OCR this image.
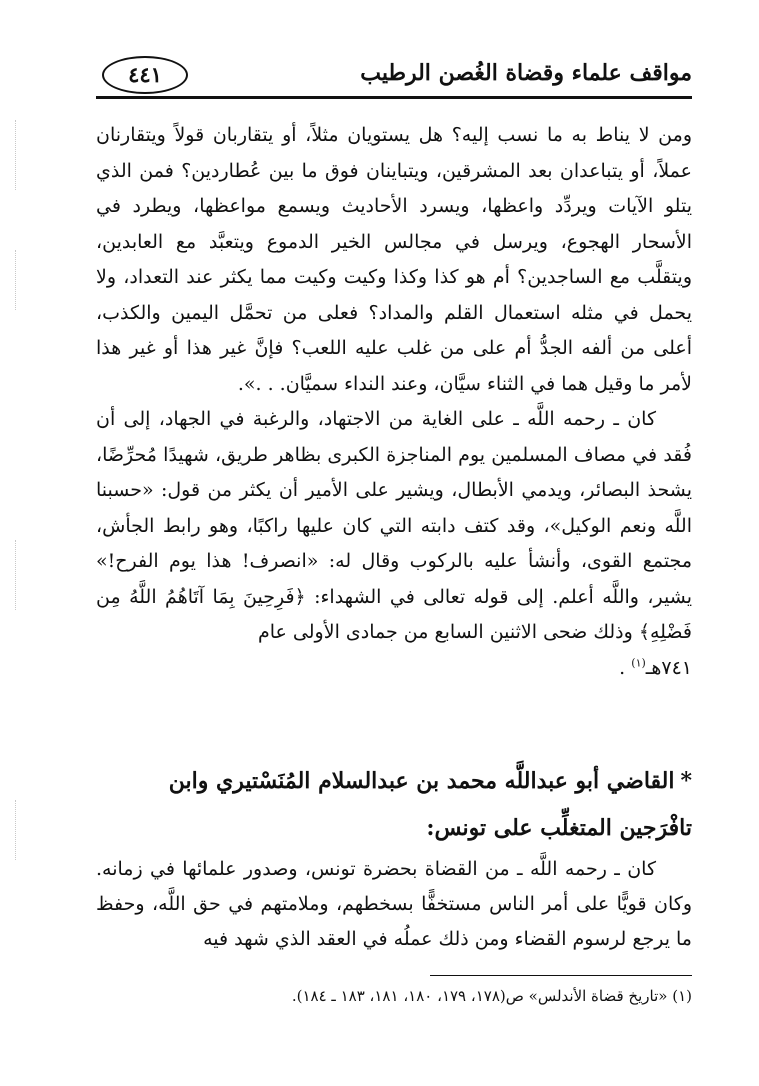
مواقف علماء وقضاة الغُصن الرطيب
٤٤١

ومن لا يناط به ما نسب إليه؟ هل يستويان مثلاً، أو يتقاربان قولاً ويتقارنان عملاً، أو يتباعدان بعد المشرقين، ويتباينان فوق ما بين عُطاردين؟ فمن الذي يتلو الآيات ويردِّد واعظها، ويسرد الأحاديث ويسمع مواعظها، ويطرد في الأسحار الهجوع، ويرسل في مجالس الخير الدموع ويتعبَّد مع العابدين، ويتقلَّب مع الساجدين؟ أم هو كذا وكذا وكيت وكيت مما يكثر عند التعداد، ولا يحمل في مثله استعمال القلم والمداد؟ فعلى من تحمَّل اليمين والكذب، أعلى من ألفه الجدُّ أم على من غلب عليه اللعب؟ فإنَّ غير هذا أو غير هذا لأمر ما وقيل هما في الثناء سيَّان، وعند النداء سميَّان. . .».

كان ـ رحمه اللَّه ـ على الغاية من الاجتهاد، والرغبة في الجهاد، إلى أن فُقد في مصاف المسلمين يوم المناجزة الكبرى بظاهر طريق، شهيدًا مُحرِّضًا، يشحذ البصائر، ويدمي الأبطال، ويشير على الأمير أن يكثر من قول: «حسبنا اللَّه ونعم الوكيل»، وقد كتف دابته التي كان عليها راكبًا، وهو رابط الجأش، مجتمع القوى، وأنشأ عليه بالركوب وقال له: «انصرف! هذا يوم الفرح!» يشير، واللَّه أعلم. إلى قوله تعالى في الشهداء: ﴿فَرِحِينَ بِمَا آتَاهُمُ اللَّهُ مِن فَضْلِهِ﴾ وذلك ضحى الاثنين السابع من جمادى الأولى عام

٧٤١هـ$^{(١)}$ .

*القاضي أبو عبداللَّه محمد بن عبدالسلام المُنَسْتيري وابن تافْرَجين المتغلِّب على تونس:

كان ـ رحمه اللَّه ـ من القضاة بحضرة تونس، وصدور علمائها في زمانه. وكان قويًّا على أمر الناس مستخفًّا بسخطهم، وملامتهم في حق اللَّه، وحفظ ما يرجع لرسوم القضاء ومن ذلك عملُه في العقد الذي شهد فيه

(١) «تاريخ قضاة الأندلس» ص(١٧٨، ١٧٩، ١٨٠، ١٨١، ١٨٣ ـ ١٨٤).
